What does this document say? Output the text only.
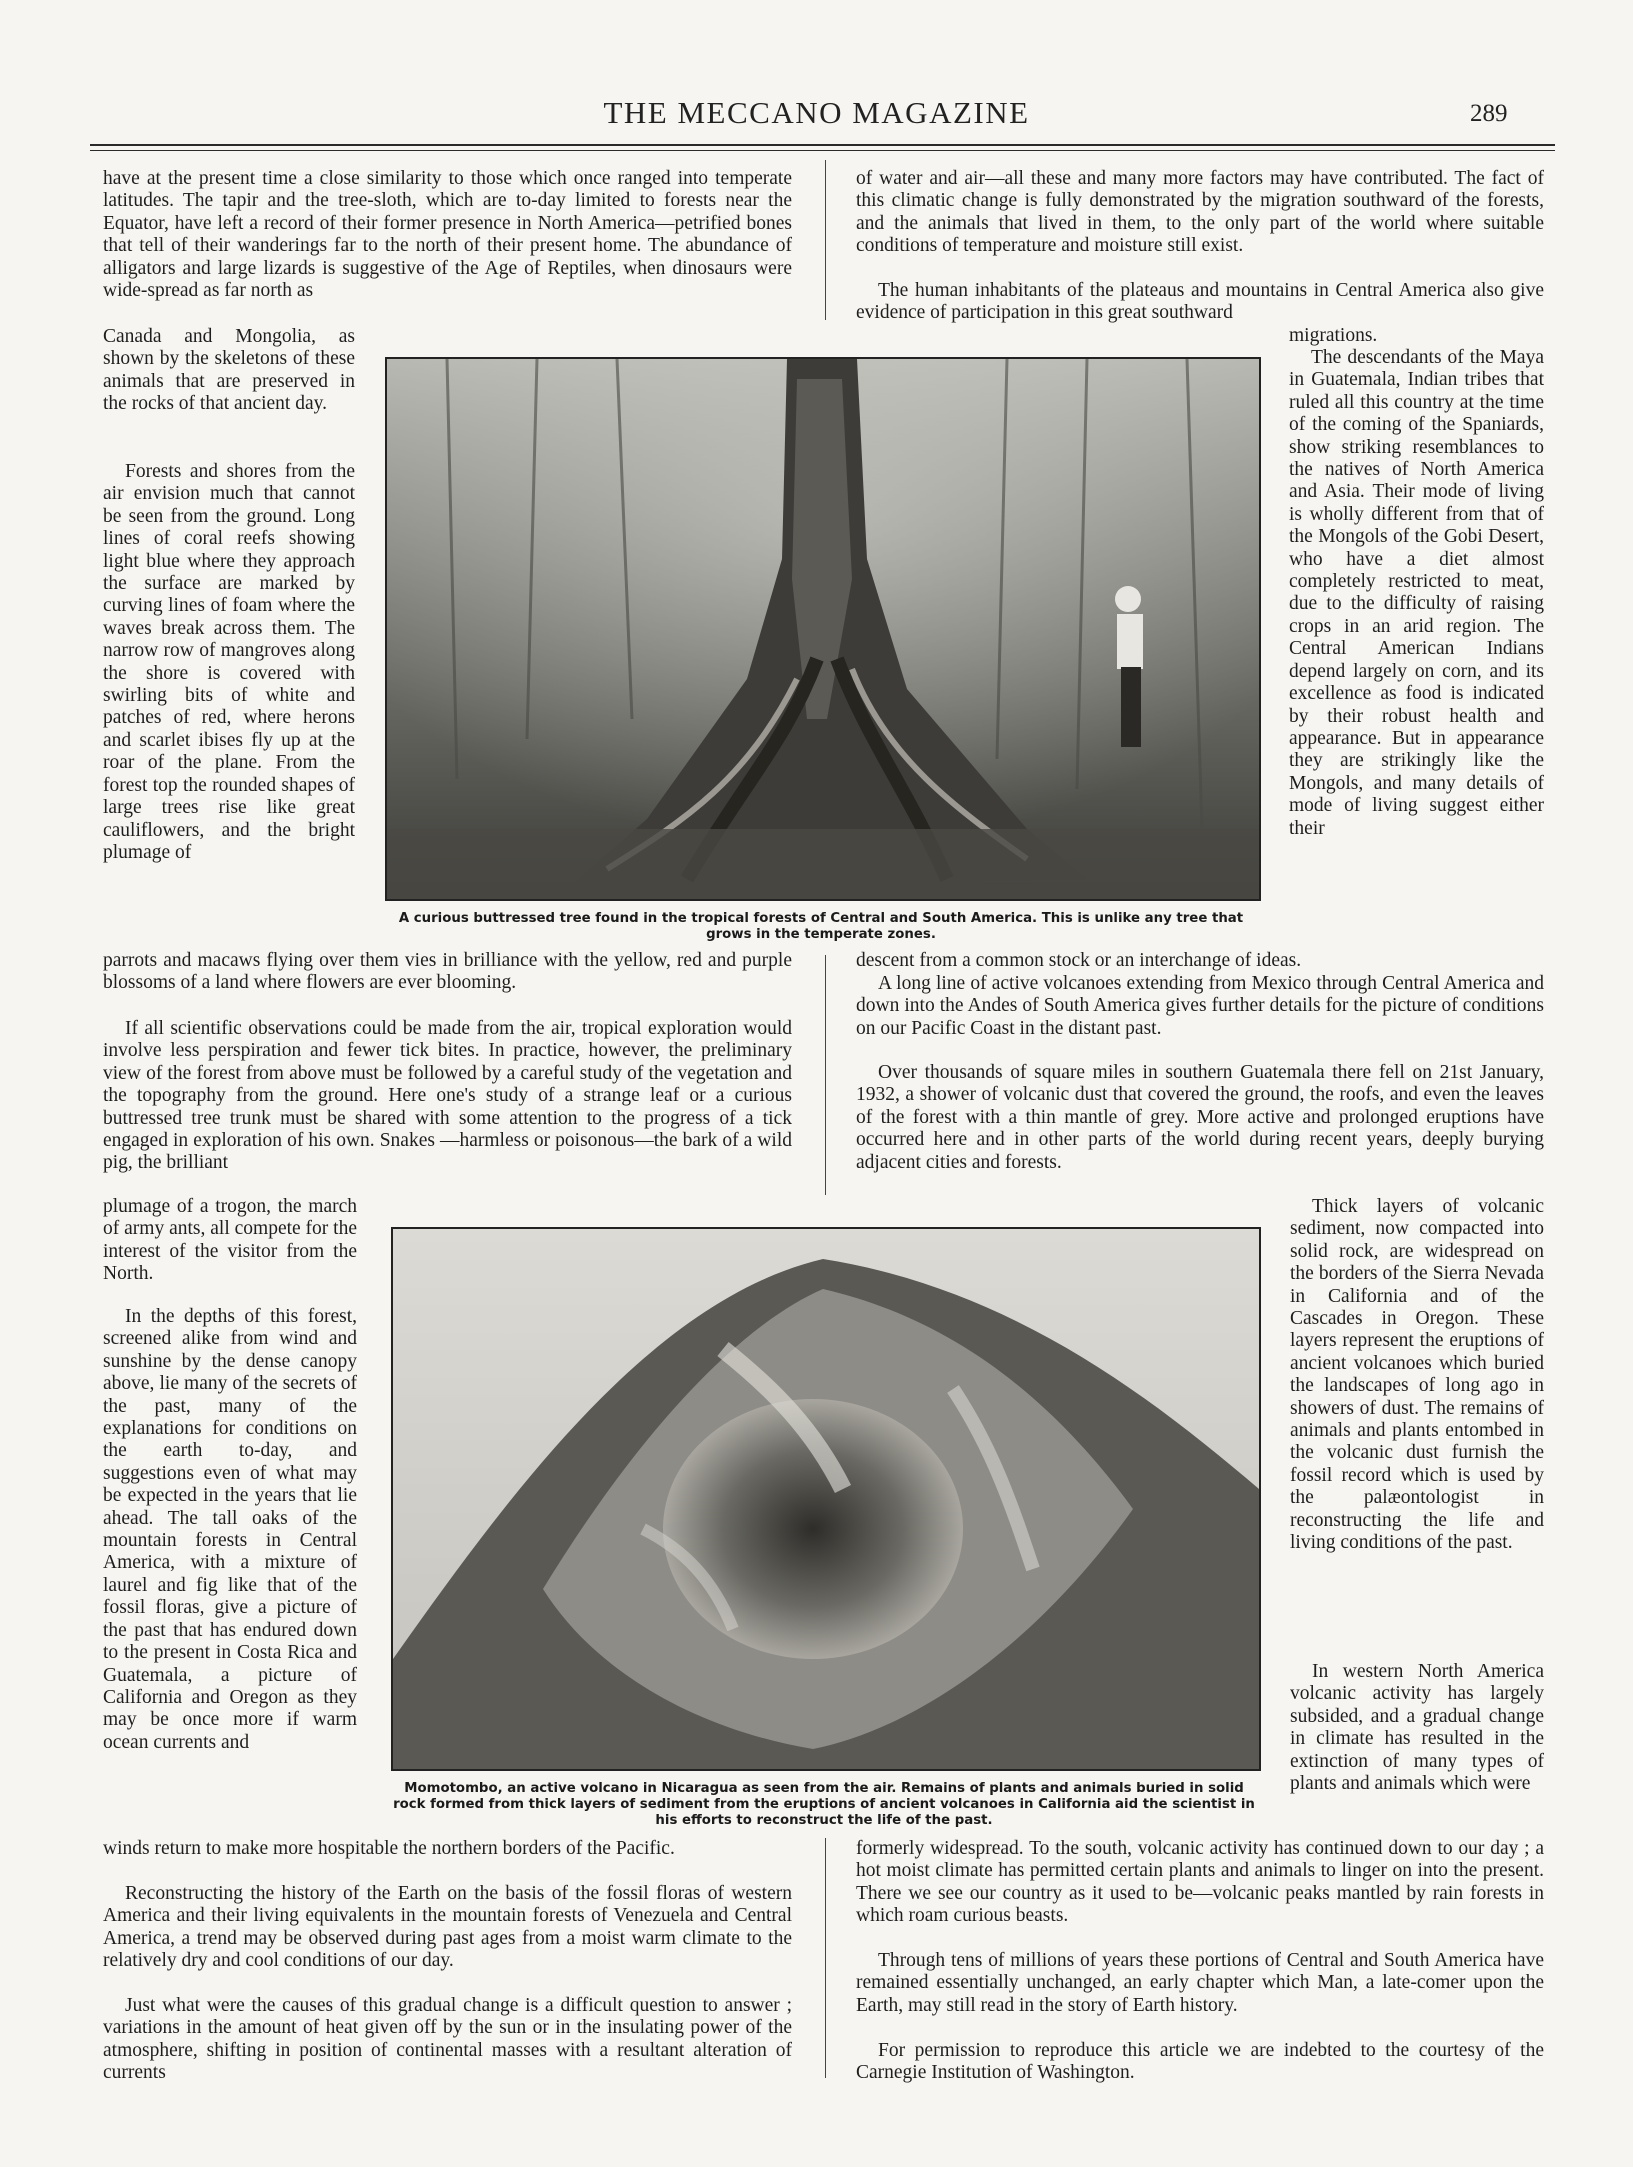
THE MECCANO MAGAZINE	289

have at the present time a close similarity to those which once ranged into temperate latitudes. The tapir and the tree-sloth, which are to-day limited to forests near the Equator, have left a record of their former presence in North America—petrified bones that tell of their wanderings far to the north of their present home. The abundance of alligators and large lizards is suggestive of the Age of Reptiles, when dinosaurs were wide-spread as far north as

Canada and Mongolia, as shown by the skeletons of these animals that are preserved in the rocks of that ancient day.

Forests and shores from the air envision much that cannot be seen from the ground. Long lines of coral reefs showing light blue where they approach the surface are marked by curving lines of foam where the waves break across them. The narrow row of mangroves along the shore is covered with swirling bits of white and patches of red, where herons and scarlet ibises fly up at the roar of the plane. From the forest top the rounded shapes of large trees rise like great cauliflowers, and the bright plumage of

parrots and macaws flying over them vies in brilliance with the yellow, red and purple blossoms of a land where flowers are ever blooming.

If all scientific observations could be made from the air, tropical exploration would involve less perspiration and fewer tick bites. In practice, however, the preliminary view of the forest from above must be followed by a careful study of the vegetation and the topography from the ground. Here one's study of a strange leaf or a curious buttressed tree trunk must be shared with some attention to the progress of a tick engaged in exploration of his own. Snakes —harmless or poisonous—the bark of a wild pig, the brilliant

plumage of a trogon, the march of army ants, all compete for the interest of the visitor from the North.

In the depths of this forest, screened alike from wind and sunshine by the dense canopy above, lie many of the secrets of the past, many of the explanations for conditions on the earth to-day, and suggestions even of what may be expected in the years that lie ahead. The tall oaks of the mountain forests in Central America, with a mixture of laurel and fig like that of the fossil floras, give a picture of the past that has endured down to the present in Costa Rica and Guatemala, a picture of California and Oregon as they may be once more if warm ocean currents and

winds return to make more hospitable the northern borders of the Pacific.

Reconstructing the history of the Earth on the basis of the fossil floras of western America and their living equivalents in the mountain forests of Venezuela and Central America, a trend may be observed during past ages from a moist warm climate to the relatively dry and cool conditions of our day.

Just what were the causes of this gradual change is a difficult question to answer ; variations in the amount of heat given off by the sun or in the insulating power of the atmosphere, shifting in position of continental masses with a resultant alteration of currents

of water and air—all these and many more factors may have contributed. The fact of this climatic change is fully demonstrated by the migration southward of the forests, and the animals that lived in them, to the only part of the world where suitable conditions of temperature and moisture still exist.

The human inhabitants of the plateaus and mountains in Central America also give evidence of participation in this great southward

migrations.

The descendants of the Maya in Guatemala, Indian tribes that ruled all this country at the time of the coming of the Spaniards, show striking resemblances to the natives of North America and Asia. Their mode of living is wholly different from that of the Mongols of the Gobi Desert, who have a diet almost completely restricted to meat, due to the difficulty of raising crops in an arid region. The Central American Indians depend largely on corn, and its excellence as food is indicated by their robust health and appearance. But in appearance they are strikingly like the Mongols, and many details of mode of living suggest either their

descent from a common stock or an interchange of ideas.

A long line of active volcanoes extending from Mexico through Central America and down into the Andes of South America gives further details for the picture of conditions on our Pacific Coast in the distant past.

Over thousands of square miles in southern Guatemala there fell on 21st January, 1932, a shower of volcanic dust that covered the ground, the roofs, and even the leaves of the forest with a thin mantle of grey. More active and prolonged eruptions have occurred here and in other parts of the world during recent years, deeply burying adjacent cities and forests.

Thick layers of volcanic sediment, now compacted into solid rock, are widespread on the borders of the Sierra Nevada in California and of the Cascades in Oregon. These layers represent the eruptions of ancient volcanoes which buried the landscapes of long ago in showers of dust. The remains of animals and plants entombed in the volcanic dust furnish the fossil record which is used by the palæontologist in reconstructing the life and living conditions of the past.

In western North America volcanic activity has largely subsided, and a gradual change in climate has resulted in the extinction of many types of plants and animals which were

formerly widespread. To the south, volcanic activity has continued down to our day ; a hot moist climate has permitted certain plants and animals to linger on into the present. There we see our country as it used to be—volcanic peaks mantled by rain forests in which roam curious beasts.

Through tens of millions of years these portions of Central and South America have remained essentially unchanged, an early chapter which Man, a late-comer upon the Earth, may still read in the story of Earth history.

For permission to reproduce this article we are indebted to the courtesy of the Carnegie Institution of Washington.

A curious buttressed tree found in the tropical forests of Central and South America. This is unlike any tree that grows in the temperate zones.

Momotombo, an active volcano in Nicaragua as seen from the air. Remains of plants and animals buried in solid rock formed from thick layers of sediment from the eruptions of ancient volcanoes in California aid the scientist in his efforts to reconstruct the life of the past.
